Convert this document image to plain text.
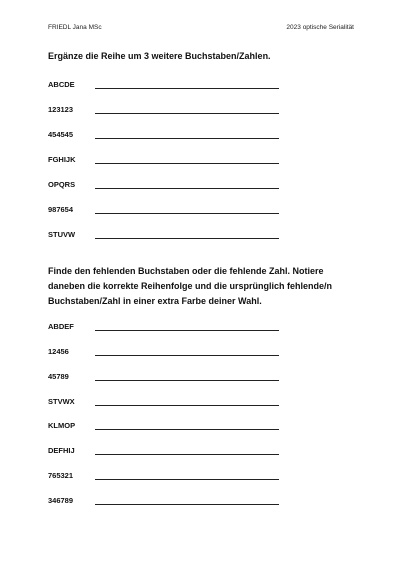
FRIEDL Jana MSc	2023 optische Serialität
Ergänze die Reihe um 3 weitere Buchstaben/Zahlen.
ABCDE
123123
454545
FGHIJK
OPQRS
987654
STUVW
Finde den fehlenden Buchstaben oder die fehlende Zahl. Notiere daneben die korrekte Reihenfolge und die ursprünglich fehlende/n Buchstaben/Zahl in einer extra Farbe deiner Wahl.
ABDEF
12456
45789
STVWX
KLMOP
DEFHIJ
765321
346789
